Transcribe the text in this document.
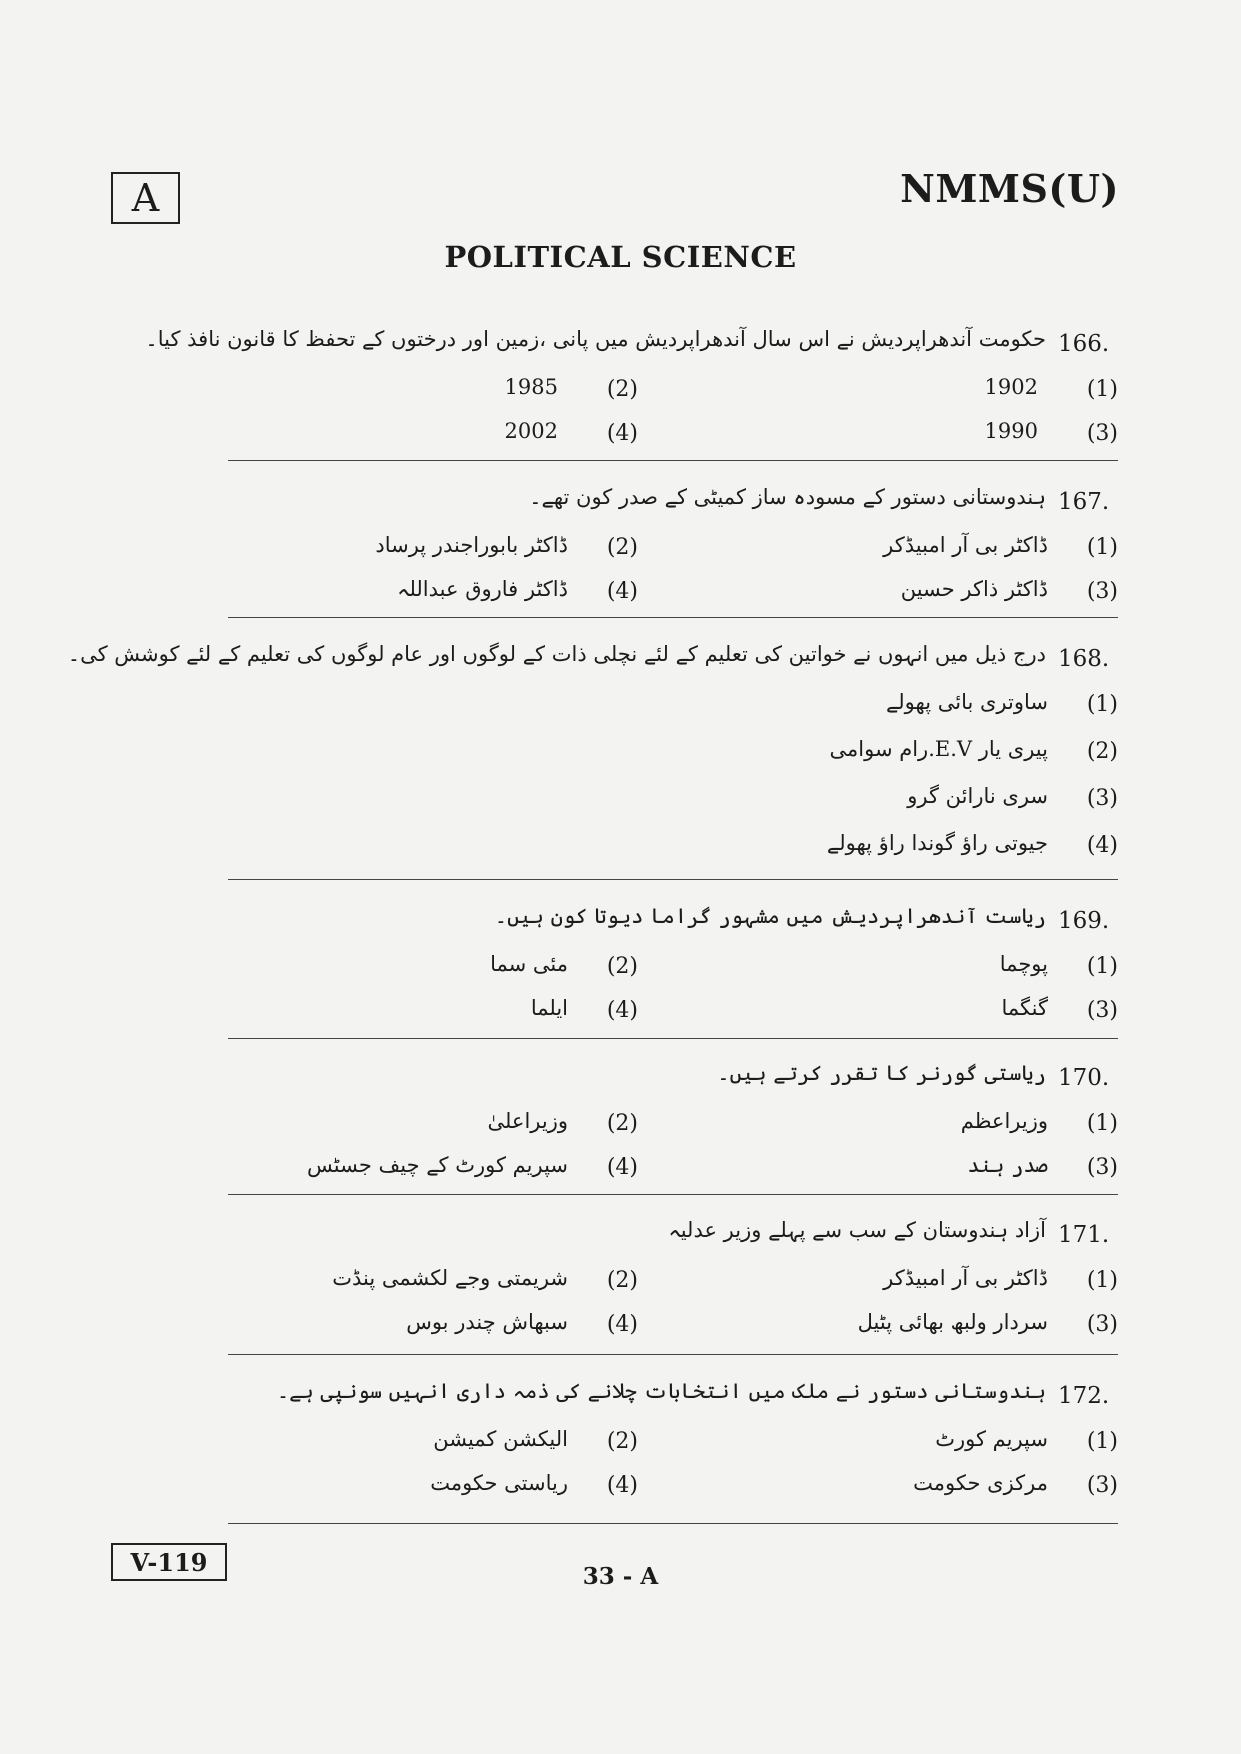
A	NMMS(U)
POLITICAL SCIENCE
166.
حکومت آندھراپردیش نے اس سال آندھراپردیش میں پانی ،زمین اور درختوں کے تحفظ کا قانون نافذ کیا۔
(1)
1902
(2)
1985
(3)
1990
(4)
2002
167.
ہندوستانی دستور کے مسودہ ساز کمیٹی کے صدر کون تھے۔
(1)
ڈاکٹر بی آر امبیڈکر
(2)
ڈاکٹر بابوراجندر پرساد
(3)
ڈاکٹر ذاکر حسین
(4)
ڈاکٹر فاروق عبداللہ
168.
درج ذیل میں انہوں نے خواتین کی تعلیم کے لئے نچلی ذات کے لوگوں اور عام لوگوں کی تعلیم کے لئے کوشش کی۔
(1)
ساوتری بائی پھولے
(2)
پیری یار E.V.رام سوامی
(3)
سری نارائن گرو
(4)
جیوتی راؤ گوندا راؤ پھولے
169.
ریاست آندھراپردیش میں مشہور گراما دیوتا کون ہیں۔
(1)
پوچما
(2)
مئی سما
(3)
گنگما
(4)
ایلما
170.
ریاستی گورنر کا تقرر کرتے ہیں۔
(1)
وزیراعظم
(2)
وزیراعلیٰ
(3)
صدر ہند
(4)
سپریم کورٹ کے چیف جسٹس
171.
آزاد ہندوستان کے سب سے پہلے وزیر عدلیہ
(1)
ڈاکٹر بی آر امبیڈکر
(2)
شریمتی وجے لکشمی پنڈت
(3)
سردار ولبھ بھائی پٹیل
(4)
سبھاش چندر بوس
172.
ہندوستانی دستور نے ملک میں انتخابات چلانے کی ذمہ داری انہیں سونپی ہے۔
(1)
سپریم کورٹ
(2)
الیکشن کمیشن
(3)
مرکزی حکومت
(4)
ریاستی حکومت
V-119	33 - A
